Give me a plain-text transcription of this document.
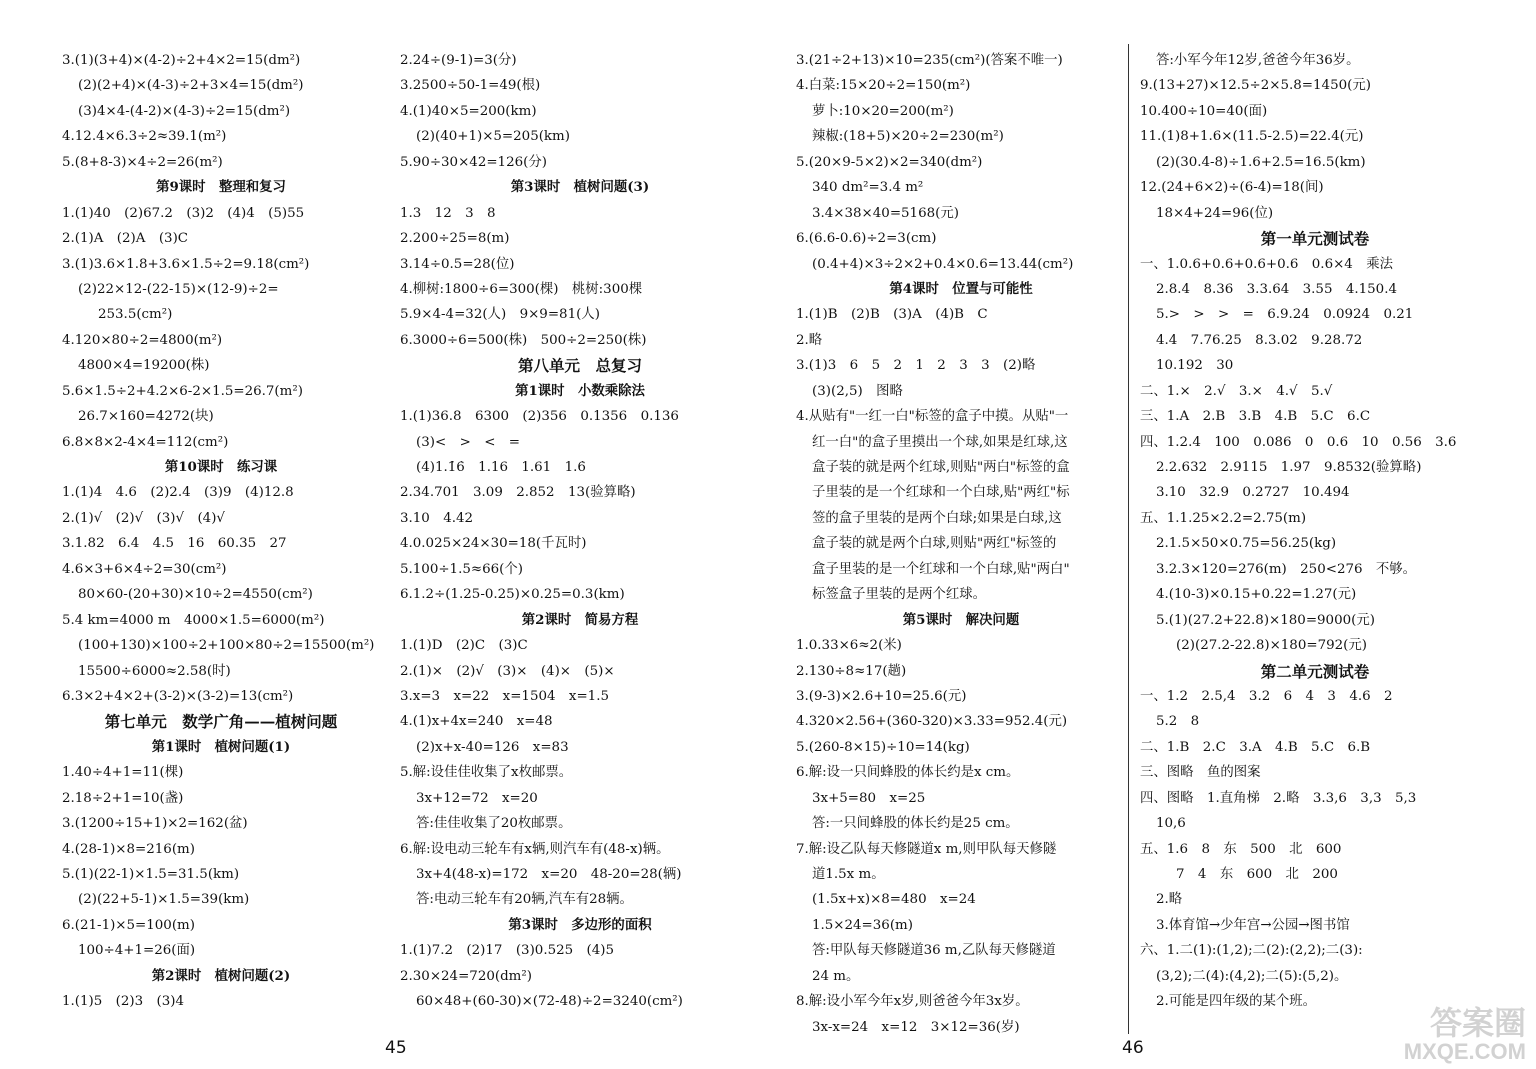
3.(1)(3+4)×(4-2)÷2+4×2=15(dm²)
(2)(2+4)×(4-3)÷2+3×4=15(dm²)
(3)4×4-(4-2)×(4-3)÷2=15(dm²)
4.12.4×6.3÷2≈39.1(m²)
5.(8+8-3)×4÷2=26(m²)
第9课时　整理和复习
1.(1)40　(2)67.2　(3)2　(4)4　(5)55
2.(1)A　(2)A　(3)C
3.(1)3.6×1.8+3.6×1.5÷2=9.18(cm²)
(2)22×12-(22-15)×(12-9)÷2=
253.5(cm²)
4.120×80÷2=4800(m²)
4800×4=19200(株)
5.6×1.5÷2+4.2×6-2×1.5=26.7(m²)
26.7×160=4272(块)
6.8×8×2-4×4=112(cm²)
第10课时　练习课
1.(1)4　4.6　(2)2.4　(3)9　(4)12.8
2.(1)√　(2)√　(3)√　(4)√
3.1.82　6.4　4.5　16　60.35　27
4.6×3+6×4÷2=30(cm²)
80×60-(20+30)×10÷2=4550(cm²)
5.4 km=4000 m　4000×1.5=6000(m²)
(100+130)×100÷2+100×80÷2=15500(m²)
15500÷6000≈2.58(时)
6.3×2+4×2+(3-2)×(3-2)=13(cm²)
第七单元　数学广角——植树问题
第1课时　植树问题(1)
1.40÷4+1=11(棵)
2.18÷2+1=10(盏)
3.(1200÷15+1)×2=162(盆)
4.(28-1)×8=216(m)
5.(1)(22-1)×1.5=31.5(km)
(2)(22+5-1)×1.5=39(km)
6.(21-1)×5=100(m)
100÷4+1=26(面)
第2课时　植树问题(2)
1.(1)5　(2)3　(3)4
2.24÷(9-1)=3(分)
3.2500÷50-1=49(根)
4.(1)40×5=200(km)
(2)(40+1)×5=205(km)
5.90÷30×42=126(分)
第3课时　植树问题(3)
1.3　12　3　8
2.200÷25=8(m)
3.14÷0.5=28(位)
4.柳树:1800÷6=300(棵)　桃树:300棵
5.9×4-4=32(人)　9×9=81(人)
6.3000÷6=500(株)　500÷2=250(株)
第八单元　总复习
第1课时　小数乘除法
1.(1)36.8　6300　(2)356　0.1356　0.136
(3)<　>　<　=
(4)1.1̇6̇　1.16　1.61　1.6̇
2.34.701　3.09　2.852　13(验算略)
3.10　4.42
4.0.025×24×30=18(千瓦时)
5.100÷1.5≈66(个)
6.1.2÷(1.25-0.25)×0.25=0.3(km)
第2课时　简易方程
1.(1)D　(2)C　(3)C
2.(1)×　(2)√　(3)×　(4)×　(5)×
3.x=3　x=22　x=1504　x=1.5
4.(1)x+4x=240　x=48
(2)x+x-40=126　x=83
5.解:设佳佳收集了x枚邮票。
3x+12=72　x=20
答:佳佳收集了20枚邮票。
6.解:设电动三轮车有x辆,则汽车有(48-x)辆。
3x+4(48-x)=172　x=20　48-20=28(辆)
答:电动三轮车有20辆,汽车有28辆。
第3课时　多边形的面积
1.(1)7.2　(2)17　(3)0.525　(4)5
2.30×24=720(dm²)
60×48+(60-30)×(72-48)÷2=3240(cm²)
3.(21÷2+13)×10=235(cm²)(答案不唯一)
4.白菜:15×20÷2=150(m²)
萝卜:10×20=200(m²)
辣椒:(18+5)×20÷2=230(m²)
5.(20×9-5×2)×2=340(dm²)
340 dm²=3.4 m²
3.4×38×40=5168(元)
6.(6.6-0.6)÷2=3(cm)
(0.4+4)×3÷2×2+0.4×0.6=13.44(cm²)
第4课时　位置与可能性
1.(1)B　(2)B　(3)A　(4)B　C
2.略
3.(1)3　6　5　2　1　2　3　3　(2)略
(3)(2,5)　图略
4.从贴有"一红一白"标签的盒子中摸。从贴"一
红一白"的盒子里摸出一个球,如果是红球,这
盒子装的就是两个红球,则贴"两白"标签的盒
子里装的是一个红球和一个白球,贴"两红"标
签的盒子里装的是两个白球;如果是白球,这
盒子装的就是两个白球,则贴"两红"标签的
盒子里装的是一个红球和一个白球,贴"两白"
标签盒子里装的是两个红球。
第5课时　解决问题
1.0.33×6≈2(米)
2.130÷8≈17(趟)
3.(9-3)×2.6+10=25.6(元)
4.320×2.56+(360-320)×3.33=952.4(元)
5.(260-8×15)÷10=14(kg)
6.解:设一只间蜂股的体长约是x cm。
3x+5=80　x=25
答:一只间蜂股的体长约是25 cm。
7.解:设乙队每天修隧道x m,则甲队每天修隧
道1.5x m。
(1.5x+x)×8=480　x=24
1.5×24=36(m)
答:甲队每天修隧道36 m,乙队每天修隧道
24 m。
8.解:设小军今年x岁,则爸爸今年3x岁。
3x-x=24　x=12　3×12=36(岁)
答:小军今年12岁,爸爸今年36岁。
9.(13+27)×12.5÷2×5.8=1450(元)
10.400÷10=40(面)
11.(1)8+1.6×(11.5-2.5)=22.4(元)
(2)(30.4-8)÷1.6+2.5=16.5(km)
12.(24+6×2)÷(6-4)=18(间)
18×4+24=96(位)
第一单元测试卷
一、1.0.6+0.6+0.6+0.6　0.6×4　乘法
2.8.4　8.36　3.3.64　3.55　4.150.4
5.>　>　>　=　6.9.24　0.0924　0.21
4.4　7.76.25　8.3.02　9.28.72
10.192　30
二、1.×　2.√　3.×　4.√　5.√
三、1.A　2.B　3.B　4.B　5.C　6.C
四、1.2.4　100　0.086　0　0.6　10　0.56　3.6
2.2.632　2.9115　1.97　9.8532(验算略)
3.10　32.9　0.2727　10.494
五、1.1.25×2.2=2.75(m)
2.1.5×50×0.75=56.25(kg)
3.2.3×120=276(m)　250<276　不够。
4.(10-3)×0.15+0.22=1.27(元)
5.(1)(27.2+22.8)×180=9000(元)
(2)(27.2-22.8)×180=792(元)
第二单元测试卷
一、1.2　2.5,4　3.2　6　4　3　4.6　2
5.2　8
二、1.B　2.C　3.A　4.B　5.C　6.B
三、图略　鱼的图案
四、图略　1.直角梯　2.略　3.3,6　3,3　5,3
10,6
五、1.6　8　东　500　北　600
7　4　东　600　北　200
2.略
3.体育馆→少年宫→公园→图书馆
六、1.二(1):(1,2);二(2):(2,2);二(3):
(3,2);二(4):(4,2);二(5):(5,2)。
2.可能是四年级的某个班。
45	46
答案圈
MXQE.COM
